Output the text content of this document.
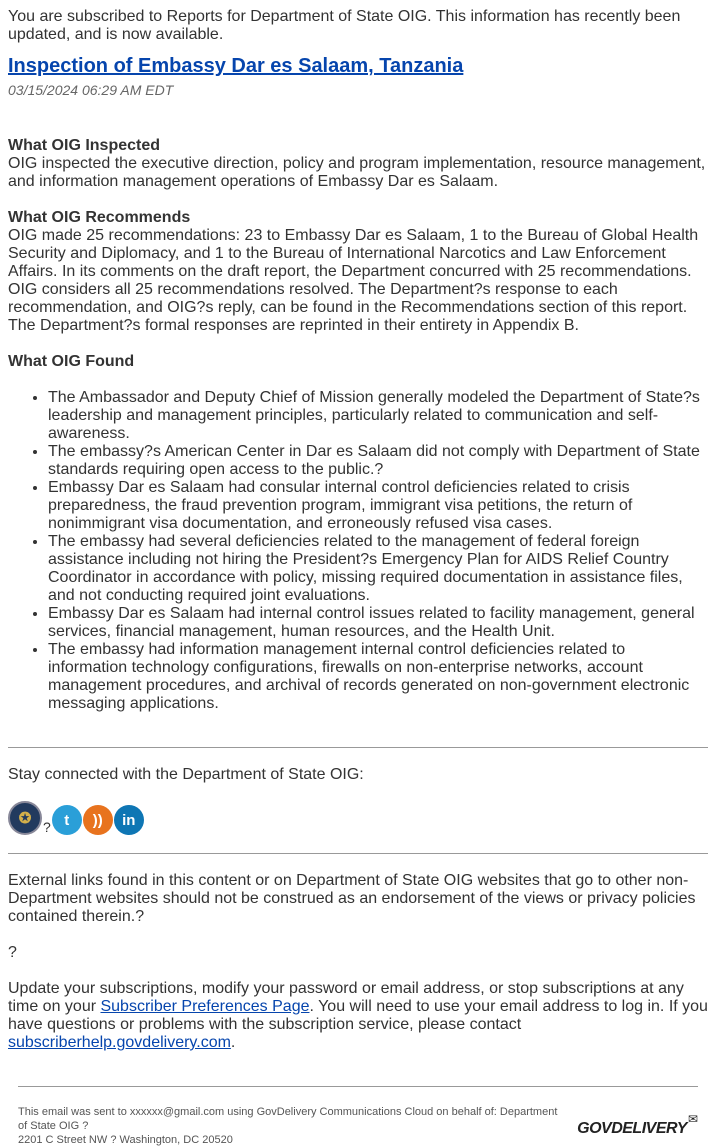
You are subscribed to Reports for Department of State OIG. This information has recently been updated, and is now available.

Inspection of Embassy Dar es Salaam, Tanzania
03/15/2024 06:29 AM EDT
What OIG Inspected

OIG inspected the executive direction, policy and program implementation, resource management, and information management operations of Embassy Dar es Salaam.

What OIG Recommends

OIG made 25 recommendations: 23 to Embassy Dar es Salaam, 1 to the Bureau of Global Health Security and Diplomacy, and 1 to the Bureau of International Narcotics and Law Enforcement Affairs. In its comments on the draft report, the Department concurred with 25 recommendations. OIG considers all 25 recommendations resolved. The Department?s response to each recommendation, and OIG?s reply, can be found in the Recommendations section of this report. The Department?s formal responses are reprinted in their entirety in Appendix B.

What OIG Found
• The Ambassador and Deputy Chief of Mission generally modeled the Department of State?s leadership and management principles, particularly related to communication and self-awareness.
• The embassy?s American Center in Dar es Salaam did not comply with Department of State standards requiring open access to the public.?
• Embassy Dar es Salaam had consular internal control deficiencies related to crisis preparedness, the fraud prevention program, immigrant visa petitions, the return of nonimmigrant visa documentation, and erroneously refused visa cases.
• The embassy had several deficiencies related to the management of federal foreign assistance including not hiring the President?s Emergency Plan for AIDS Relief Country Coordinator in accordance with policy, missing required documentation in assistance files, and not conducting required joint evaluations.
• Embassy Dar es Salaam had internal control issues related to facility management, general services, financial management, human resources, and the Health Unit.
• The embassy had information management internal control deficiencies related to information technology configurations, firewalls on non-enterprise networks, account management procedures, and archival of records generated on non-government electronic messaging applications.

Stay connected with the Department of State OIG:

✪
? t	))	in

External links found in this content or on Department of State OIG websites that go to other non-Department websites should not be construed as an endorsement of the views or privacy policies contained therein.?

?

Update your subscriptions, modify your password or email address, or stop subscriptions at any time on your Subscriber Preferences Page. You will need to use your email address to log in. If you have questions or problems with the subscription service, please contact subscriberhelp.govdelivery.com.

This email was sent to xxxxxx@gmail.com using GovDelivery Communications Cloud on behalf of: Department of State OIG ?
2201 C Street NW ? Washington, DC 20520
GOVDELIVERY
✉
